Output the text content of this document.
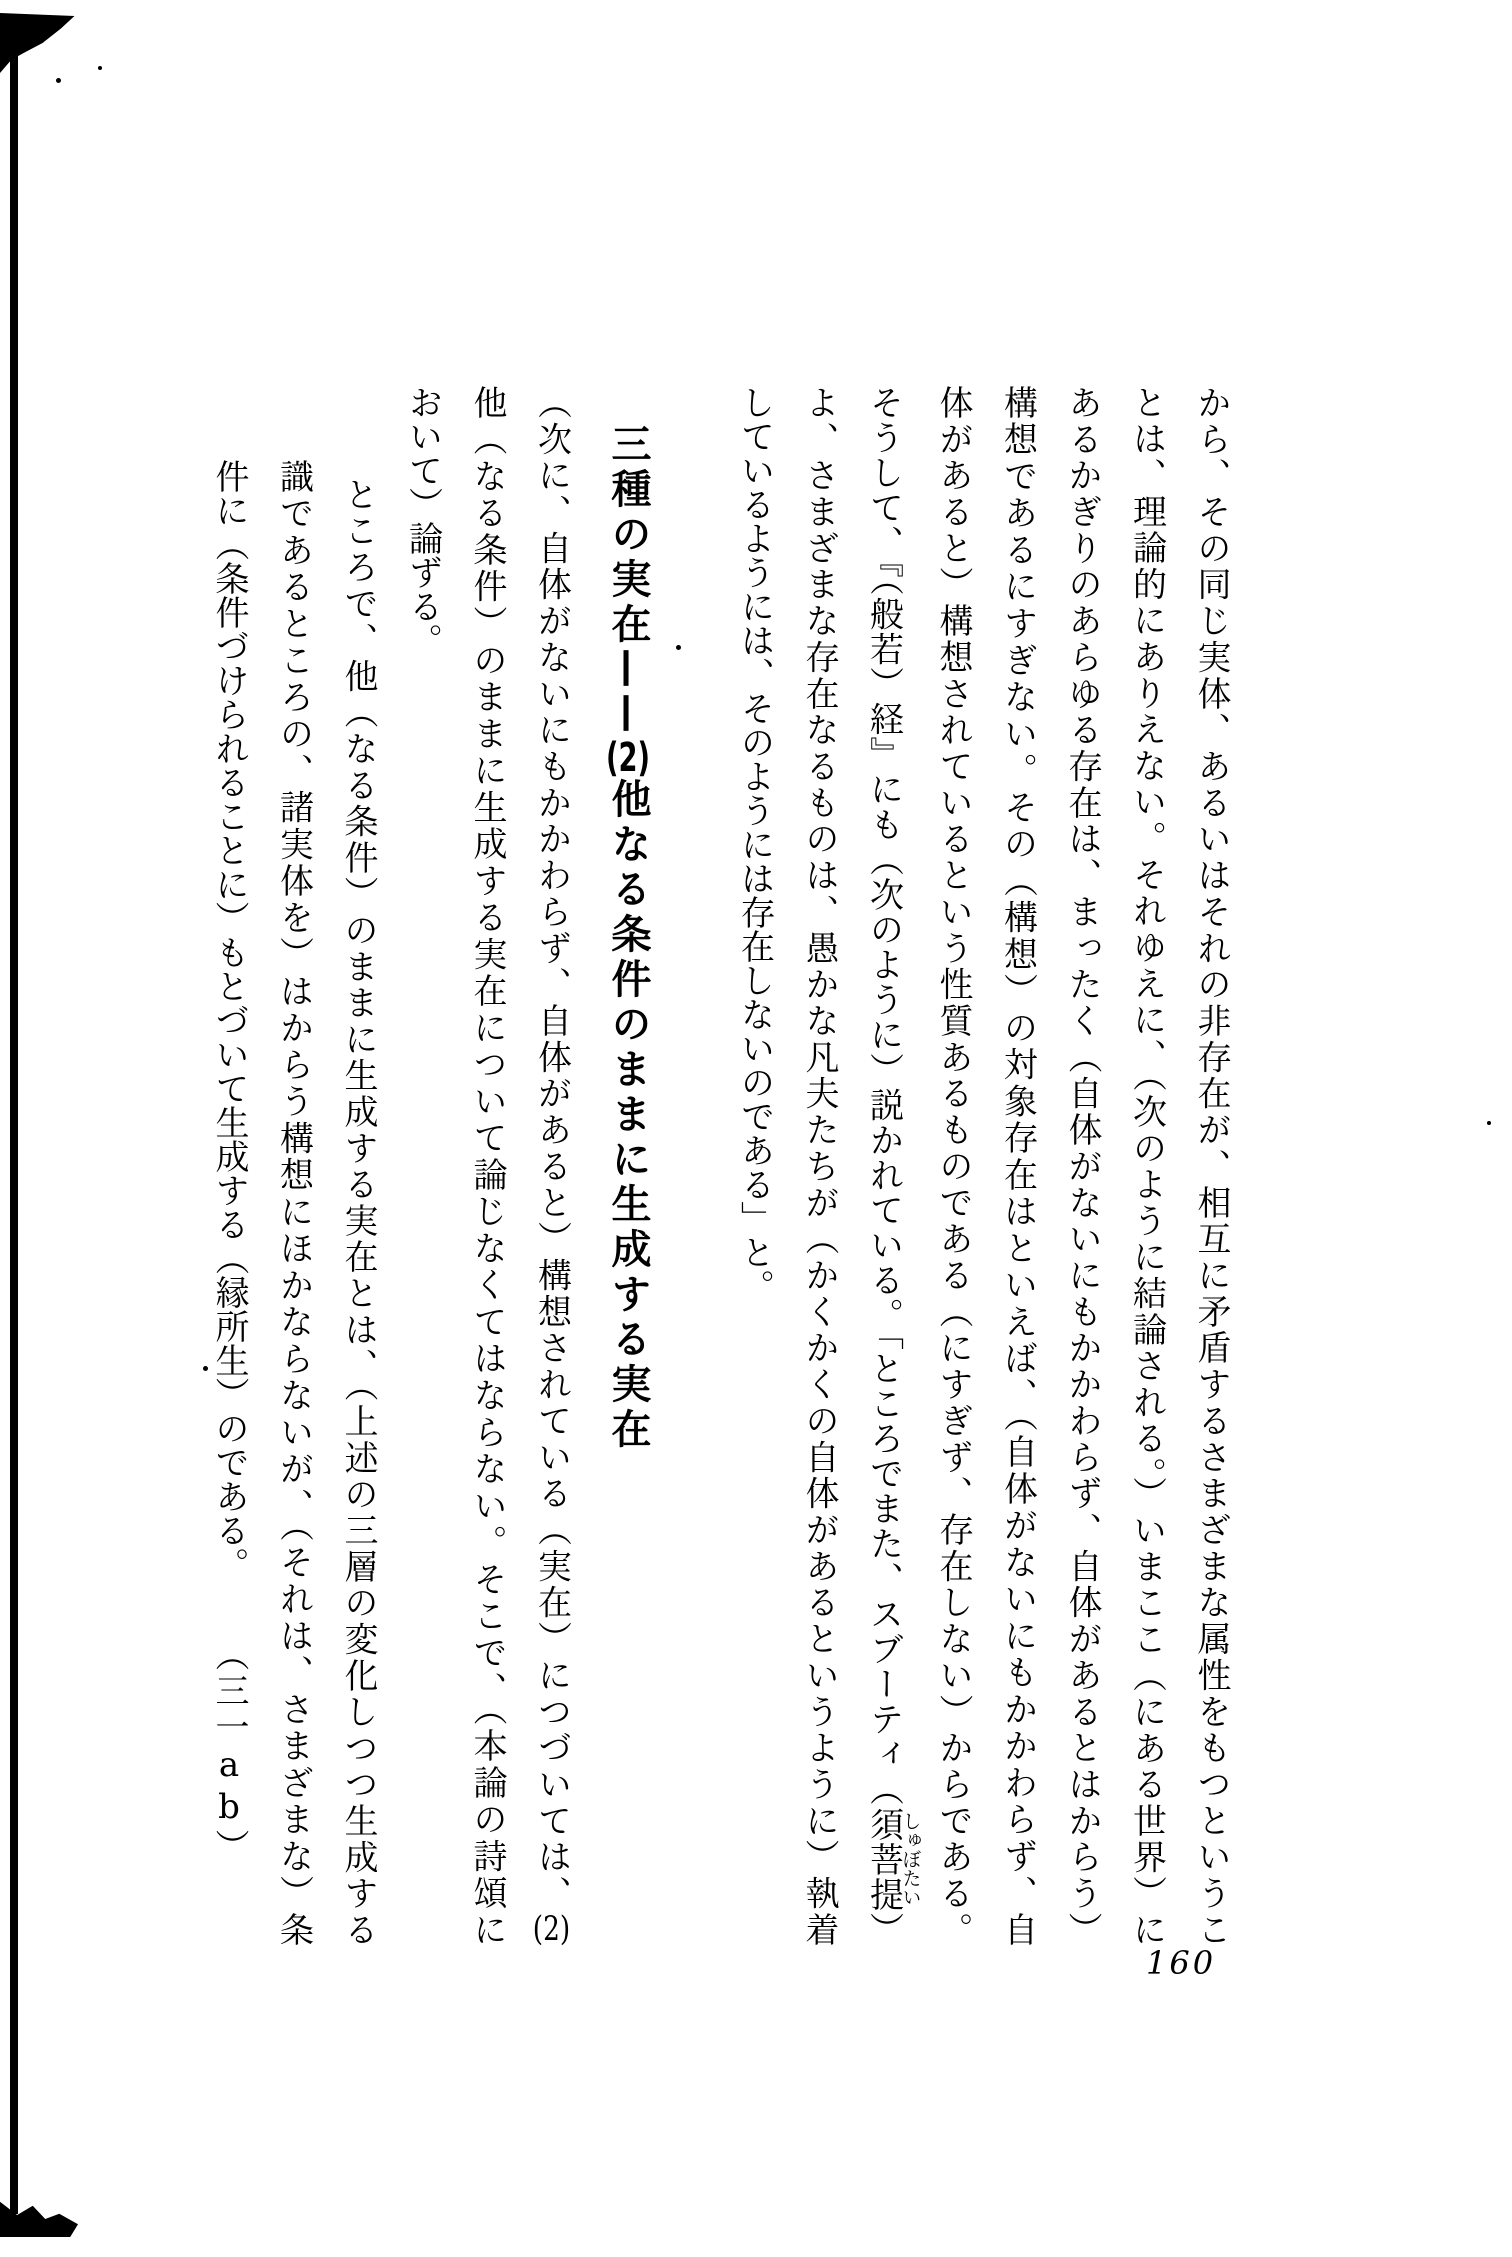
から、その同じ実体、あるいはそれの非存在が、相互に矛盾するさまざまな属性をもつというこ
とは、理論的にありえない。それゆえに、（次のように結論される。）いまここ（にある世界）に
あるかぎりのあらゆる存在は、まったく（自体がないにもかかわらず、自体があるとはからう）
構想であるにすぎない。その（構想）の対象存在はといえば、（自体がないにもかかわらず、自
体があると）構想されているという性質あるものである（にすぎず、存在しない）からである。
そうして、『（般若）経』にも（次のように）説かれている。「ところでまた、スブーティ（須菩提しゅぼたい）
よ、さまざまな存在なるものは、愚かな凡夫たちが（かくかくの自体があるというように）執着
しているようには、そのようには存在しないのである」と。
三種の実在——(2)他なる条件のままに生成する実在
（次に、自体がないにもかかわらず、自体があると）構想されている（実在）につづいては、(2)
他（なる条件）のままに生成する実在について論じなくてはならない。そこで、（本論の詩頌に
おいて）論ずる。
ところで、他（なる条件）のままに生成する実在とは、（上述の三層の変化しつつ生成する
識であるところの、諸実体を）はからう構想にほかならないが、（それは、さまざまな）条
件に（条件づけられることに）もとづいて生成する（縁所生）のである。（三一ab）
160
